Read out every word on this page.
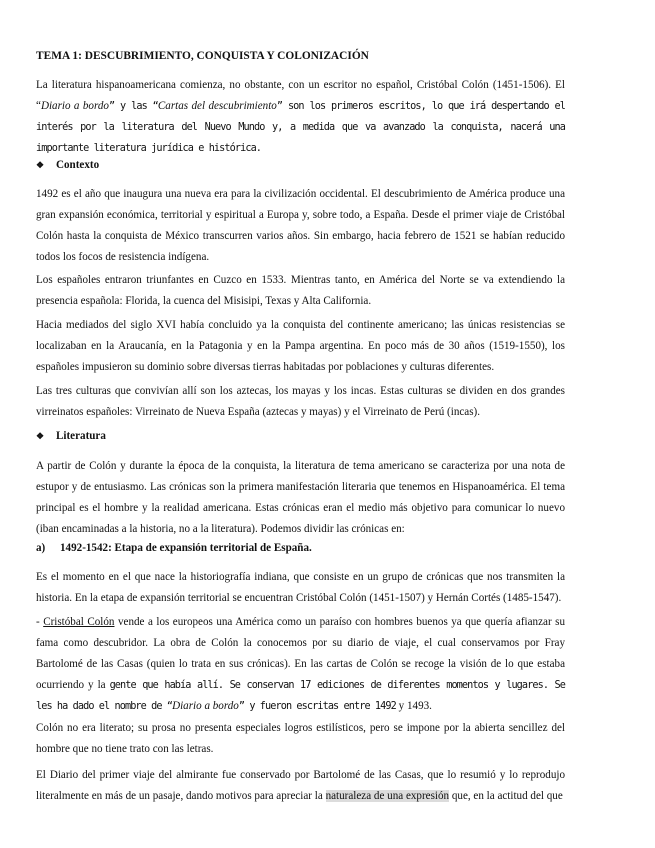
TEMA 1: DESCUBRIMIENTO, CONQUISTA Y COLONIZACIÓN

La literatura hispanoamericana comienza, no obstante, con un escritor no español, Cristóbal Colón (1451-1506). El “Diario a bordo” y las “Cartas del descubrimiento” son los primeros escritos, lo que irá despertando el interés por la literatura del Nuevo Mundo y, a medida que va avanzado la conquista, nacerá una importante literatura jurídica e histórica.

❖ Contexto

1492 es el año que inaugura una nueva era para la civilización occidental. El descubrimiento de América produce una gran expansión económica, territorial y espiritual a Europa y, sobre todo, a España. Desde el primer viaje de Cristóbal Colón hasta la conquista de México transcurren varios años. Sin embargo, hacia febrero de 1521 se habían reducido todos los focos de resistencia indígena.

Los españoles entraron triunfantes en Cuzco en 1533. Mientras tanto, en América del Norte se va extendiendo la presencia española: Florida, la cuenca del Misisipi, Texas y Alta California.

Hacia mediados del siglo XVI había concluido ya la conquista del continente americano; las únicas resistencias se localizaban en la Araucanía, en la Patagonia y en la Pampa argentina. En poco más de 30 años (1519-1550), los españoles impusieron su dominio sobre diversas tierras habitadas por poblaciones y culturas diferentes.

Las tres culturas que convivían allí son los aztecas, los mayas y los incas. Estas culturas se dividen en dos grandes virreinatos españoles: Virreinato de Nueva España (aztecas y mayas) y el Virreinato de Perú (incas).

❖ Literatura

A partir de Colón y durante la época de la conquista, la literatura de tema americano se caracteriza por una nota de estupor y de entusiasmo. Las crónicas son la primera manifestación literaria que tenemos en Hispanoamérica. El tema principal es el hombre y la realidad americana. Estas crónicas eran el medio más objetivo para comunicar lo nuevo (iban encaminadas a la historia, no a la literatura). Podemos dividir las crónicas en:

a) 1492-1542: Etapa de expansión territorial de España.

Es el momento en el que nace la historiografía indiana, que consiste en un grupo de crónicas que nos transmiten la historia. En la etapa de expansión territorial se encuentran Cristóbal Colón (1451-1507) y Hernán Cortés (1485-1547).

- Cristóbal Colón vende a los europeos una América como un paraíso con hombres buenos ya que quería afianzar su fama como descubridor. La obra de Colón la conocemos por su diario de viaje, el cual conservamos por Fray Bartolomé de las Casas (quien lo trata en sus crónicas). En las cartas de Colón se recoge la visión de lo que estaba ocurriendo y la gente que había allí. Se conservan 17 ediciones de diferentes momentos y lugares. Se les ha dado el nombre de “Diario a bordo” y fueron escritas entre 1492 y 1493.

Colón no era literato; su prosa no presenta especiales logros estilísticos, pero se impone por la abierta sencillez del hombre que no tiene trato con las letras.

El Diario del primer viaje del almirante fue conservado por Bartolomé de las Casas, que lo resumió y lo reprodujo literalmente en más de un pasaje, dando motivos para apreciar la naturaleza de una expresión que, en la actitud del que
